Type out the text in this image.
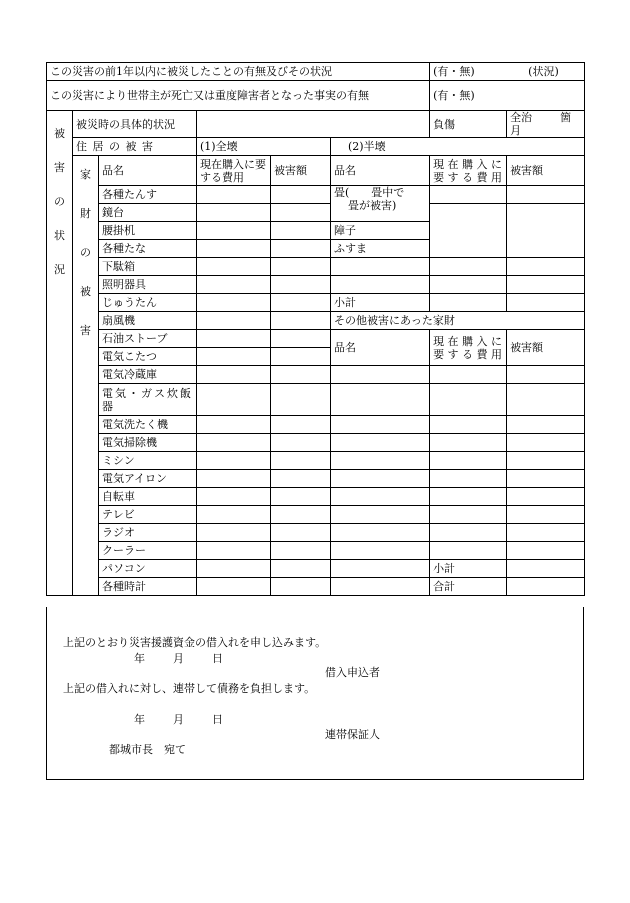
この災害の前1年以内に被災したことの有無及びその状況						(有・無) (状況)	
この災害により世帯主が死亡又は重度障害者となった事実の有無						(有・無)	

被
害
の
状
況	被災時の具体的状況					負傷	全治 箇月
	住 居 の 被 害		(1)全壊		(2)半壊		

	家
財
の
被
害	品名	現在購入に要する費用	被害額	品名	現 在 購 入 に 要 す る 費 用	被害額
		各種たんす			畳(　　畳中で
畳が被害)		

		鏡台					
		腰掛机			障子		
		各種たな			ふすま		
		下駄箱					
		照明器具					
		じゅうたん			小計		
		扇風機			その他被害にあった家財		
		石油ストーブ			品名	現 在 購 入 に 要 す る 費 用	被害額
		電気こたつ					
		電気冷蔵庫					
		電気・ガス炊飯器					
		電気洗たく機					
		電気掃除機					
		ミシン					
		電気アイロン					
		自転車					
		テレビ					
		ラジオ					
		クーラー					
		パソコン				小計	
		各種時計				合計	
上記のとおり災害援護資金の借入れを申し込みます。
年	月	日
借入申込者
上記の借入れに対し、連帯して債務を負担します。
年	月	日
連帯保証人
都城市長　宛て
